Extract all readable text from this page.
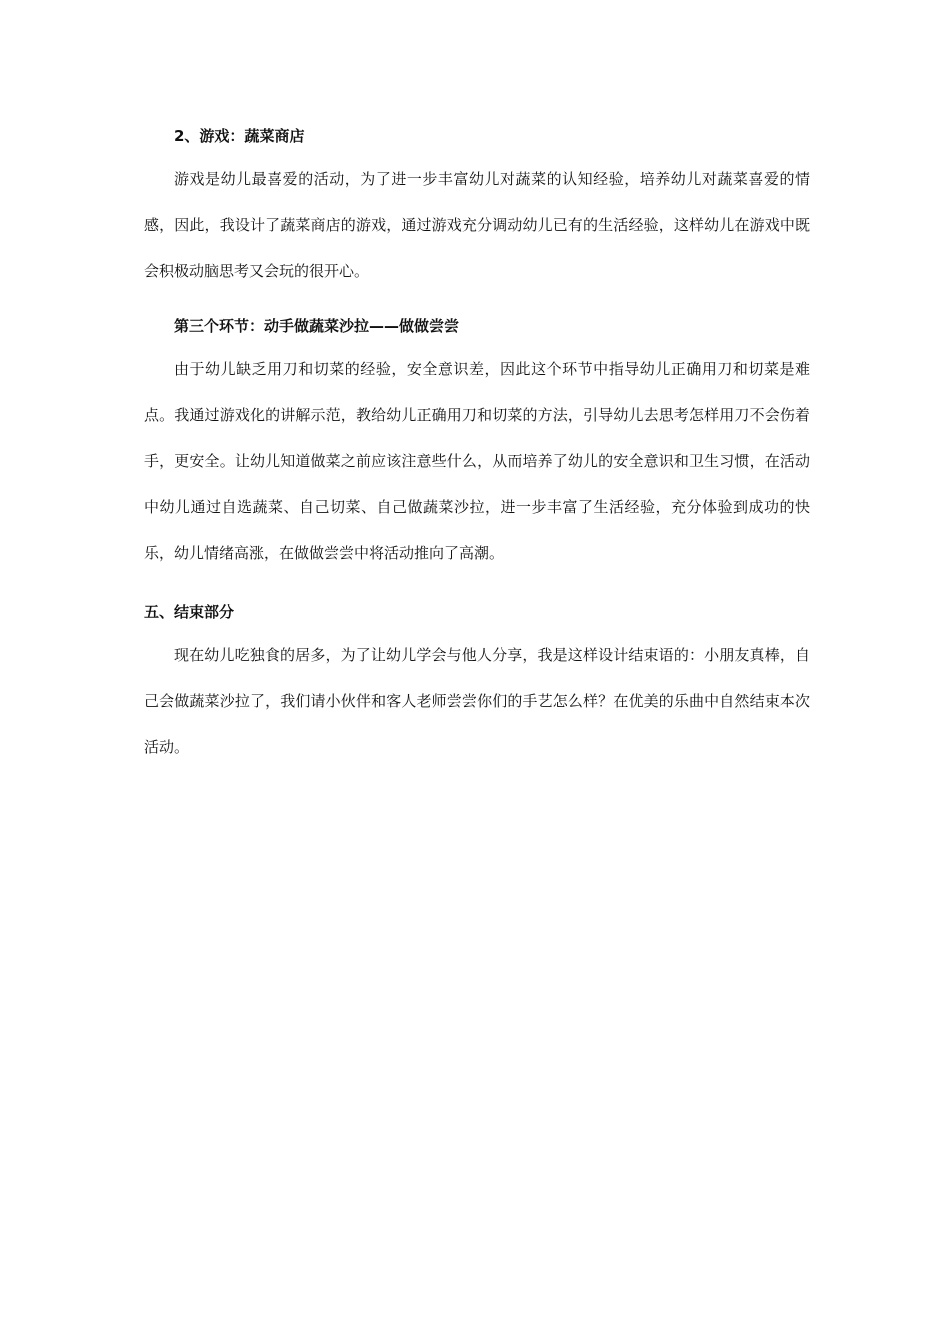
2、游戏：蔬菜商店

游戏是幼儿最喜爱的活动，为了进一步丰富幼儿对蔬菜的认知经验，培养幼儿对蔬菜喜爱的情感，因此，我设计了蔬菜商店的游戏，通过游戏充分调动幼儿已有的生活经验，这样幼儿在游戏中既会积极动脑思考又会玩的很开心。

第三个环节：动手做蔬菜沙拉——做做尝尝

由于幼儿缺乏用刀和切菜的经验，安全意识差，因此这个环节中指导幼儿正确用刀和切菜是难点。我通过游戏化的讲解示范，教给幼儿正确用刀和切菜的方法，引导幼儿去思考怎样用刀不会伤着手，更安全。让幼儿知道做菜之前应该注意些什么，从而培养了幼儿的安全意识和卫生习惯，在活动中幼儿通过自选蔬菜、自己切菜、自己做蔬菜沙拉，进一步丰富了生活经验，充分体验到成功的快乐，幼儿情绪高涨，在做做尝尝中将活动推向了高潮。

五、结束部分

现在幼儿吃独食的居多，为了让幼儿学会与他人分享，我是这样设计结束语的：小朋友真棒，自己会做蔬菜沙拉了，我们请小伙伴和客人老师尝尝你们的手艺怎么样？在优美的乐曲中自然结束本次活动。
